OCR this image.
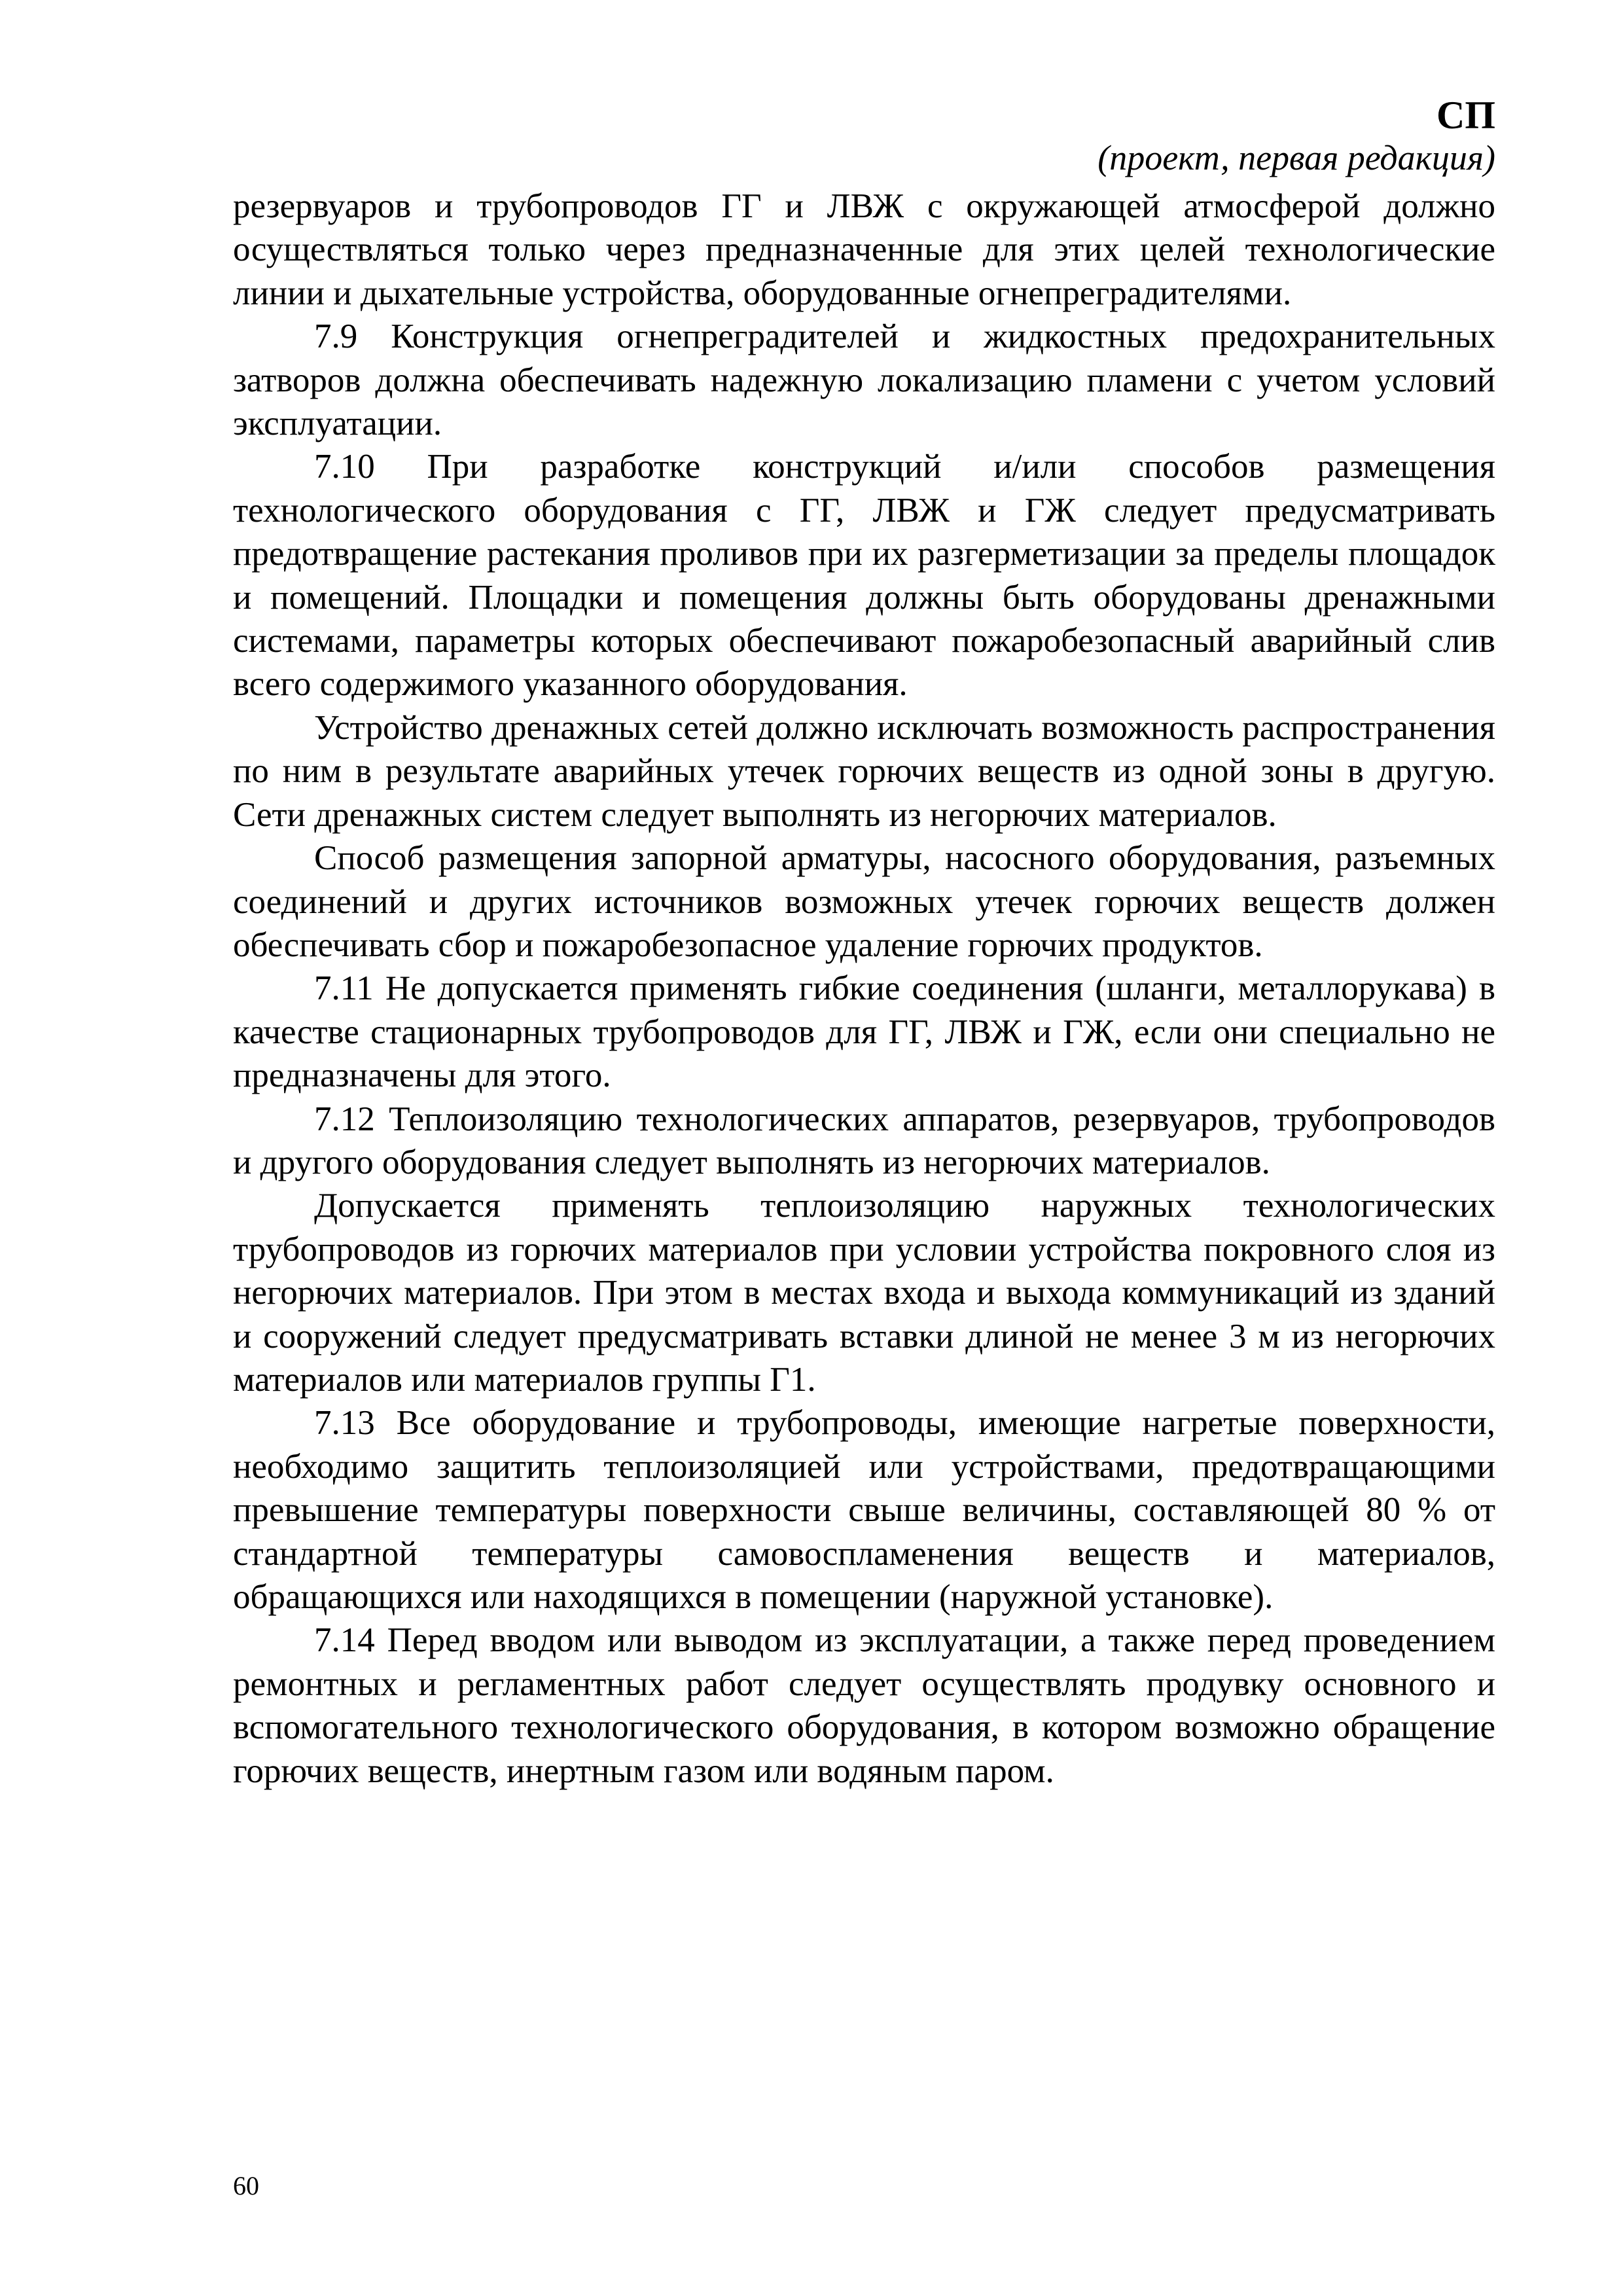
СП
(проект, первая редакция)

резервуаров и трубопроводов ГГ и ЛВЖ с окружающей атмосферой должно осуществляться только через предназначенные для этих целей технологические линии и дыхательные устройства, оборудованные огнепреградителями.

7.9 Конструкция огнепреградителей и жидкостных предохранительных затворов должна обеспечивать надежную локализацию пламени с учетом условий эксплуатации.

7.10 При разработке конструкций и/или способов размещения технологического оборудования с ГГ, ЛВЖ и ГЖ следует предусматривать предотвращение растекания проливов при их разгерметизации за пределы площадок и помещений. Площадки и помещения должны быть оборудованы дренажными системами, параметры которых обеспечивают пожаробезопасный аварийный слив всего содержимого указанного оборудования.

Устройство дренажных сетей должно исключать возможность распространения по ним в результате аварийных утечек горючих веществ из одной зоны в другую. Сети дренажных систем следует выполнять из негорючих материалов.

Способ размещения запорной арматуры, насосного оборудования, разъемных соединений и других источников возможных утечек горючих веществ должен обеспечивать сбор и пожаробезопасное удаление горючих продуктов.

7.11 Не допускается применять гибкие соединения (шланги, металлорукава) в качестве стационарных трубопроводов для ГГ, ЛВЖ и ГЖ, если они специально не предназначены для этого.

7.12 Теплоизоляцию технологических аппаратов, резервуаров, трубопроводов и другого оборудования следует выполнять из негорючих материалов.

Допускается применять теплоизоляцию наружных технологических трубопроводов из горючих материалов при условии устройства покровного слоя из негорючих материалов. При этом в местах входа и выхода коммуникаций из зданий и сооружений следует предусматривать вставки длиной не менее 3 м из негорючих материалов или материалов группы Г1.

7.13 Все оборудование и трубопроводы, имеющие нагретые поверхности, необходимо защитить теплоизоляцией или устройствами, предотвращающими превышение температуры поверхности свыше величины, составляющей 80 % от стандартной температуры самовоспламенения веществ и материалов, обращающихся или находящихся в помещении (наружной установке).

7.14 Перед вводом или выводом из эксплуатации, а также перед проведением ремонтных и регламентных работ следует осуществлять продувку основного и вспомогательного технологического оборудования, в котором возможно обращение горючих веществ, инертным газом или водяным паром.

60
